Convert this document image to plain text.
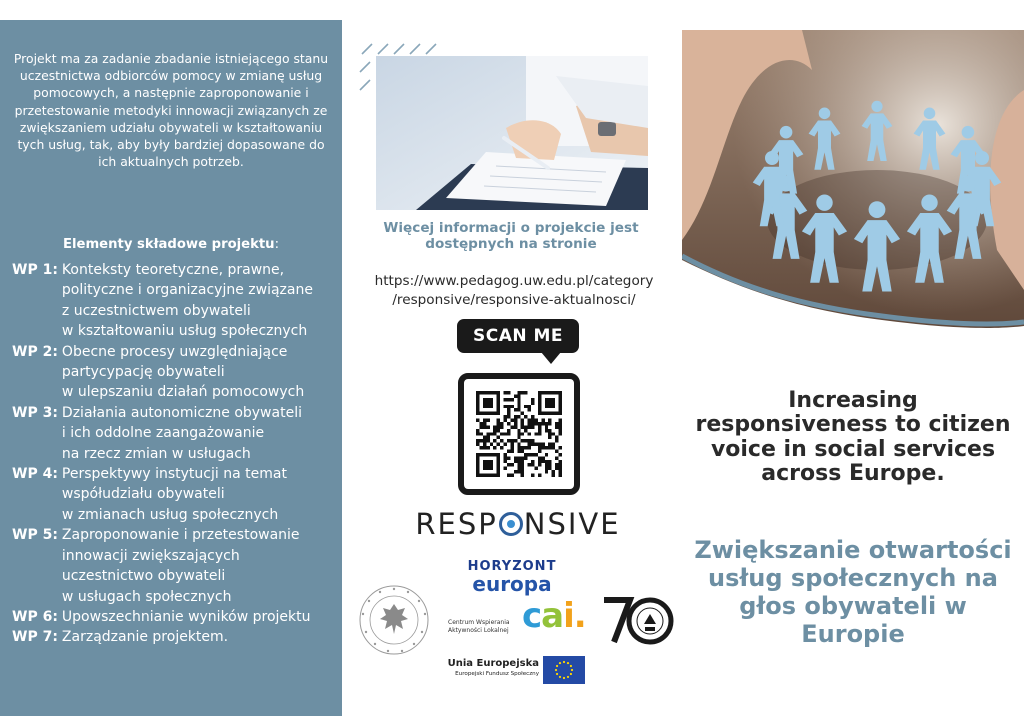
Projekt ma za zadanie zbadanie istniejącego stanu uczestnictwa odbiorców pomocy w zmianę usług pomocowych, a następnie zaproponowanie i przetestowanie metodyki innowacji związanych ze zwiększaniem udziału obywateli w kształtowaniu tych usług, tak, aby były bardziej dopasowane do ich aktualnych potrzeb.

Elementy składowe projektu:
WP 1: Konteksty teoretyczne, prawne,
polityczne i organizacyjne związane
z uczestnictwem obywateli
w kształtowaniu usług społecznych
WP 2: Obecne procesy uwzględniające
partycypację obywateli
w ulepszaniu działań pomocowych
WP 3: Działania autonomiczne obywateli
i ich oddolne zaangażowanie
na rzecz zmian w usługach
WP 4: Perspektywy instytucji na temat
współudziału obywateli
w zmianach usług społecznych
WP 5: Zaproponowanie i przetestowanie
innowacji zwiększających
uczestnictwo obywateli
w usługach społecznych
WP 6: Upowszechnianie wyników projektu
WP 7: Zarządzanie projektem.
Więcej informacji o projekcie jest dostępnych na stronie
https://www.pedagog.uw.edu.pl/category
/responsive/responsive-aktualnosci/
SCAN ME
RESP NSIVE
HORYZONT
europa
Centrum Wspierania
Aktywności Lokalnej cai.
Unia Europejska
Europejski Fundusz Społeczny
Increasing responsiveness to citizen voice in social services across Europe.
Zwiększanie otwartości usług społecznych na głos obywateli w Europie
